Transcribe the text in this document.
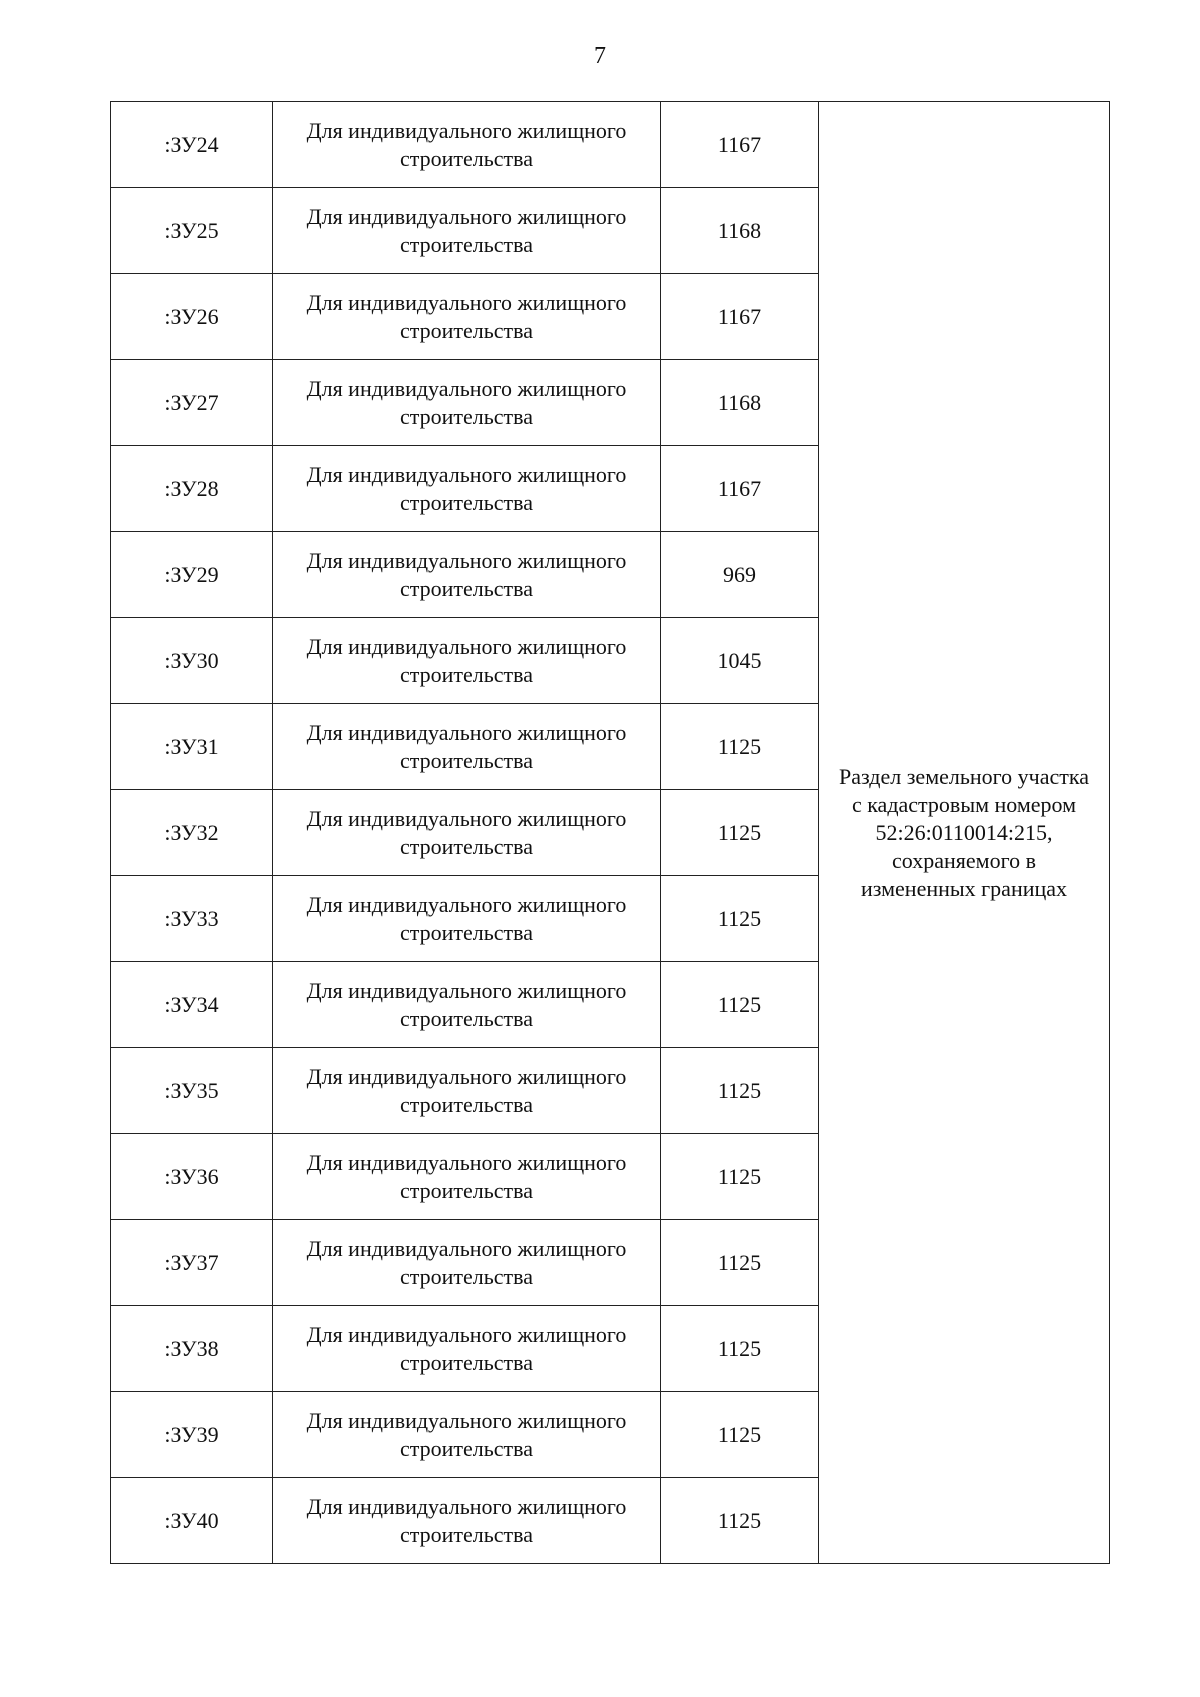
7
:ЗУ24	Для индивидуального жилищного
строительства	1167	Раздел земельного участка с кадастровым номером 52:26:0110014:215, сохраняемого в измененных границах
:ЗУ25	Для индивидуального жилищного
строительства	1168	
:ЗУ26	Для индивидуального жилищного
строительства	1167	
:ЗУ27	Для индивидуального жилищного
строительства	1168	
:ЗУ28	Для индивидуального жилищного
строительства	1167	
:ЗУ29	Для индивидуального жилищного
строительства	969	
:ЗУ30	Для индивидуального жилищного
строительства	1045	
:ЗУ31	Для индивидуального жилищного
строительства	1125	
:ЗУ32	Для индивидуального жилищного
строительства	1125	
:ЗУ33	Для индивидуального жилищного
строительства	1125	
:ЗУ34	Для индивидуального жилищного
строительства	1125	
:ЗУ35	Для индивидуального жилищного
строительства	1125	
:ЗУ36	Для индивидуального жилищного
строительства	1125	
:ЗУ37	Для индивидуального жилищного
строительства	1125	
:ЗУ38	Для индивидуального жилищного
строительства	1125	
:ЗУ39	Для индивидуального жилищного
строительства	1125	
:ЗУ40	Для индивидуального жилищного
строительства	1125	
